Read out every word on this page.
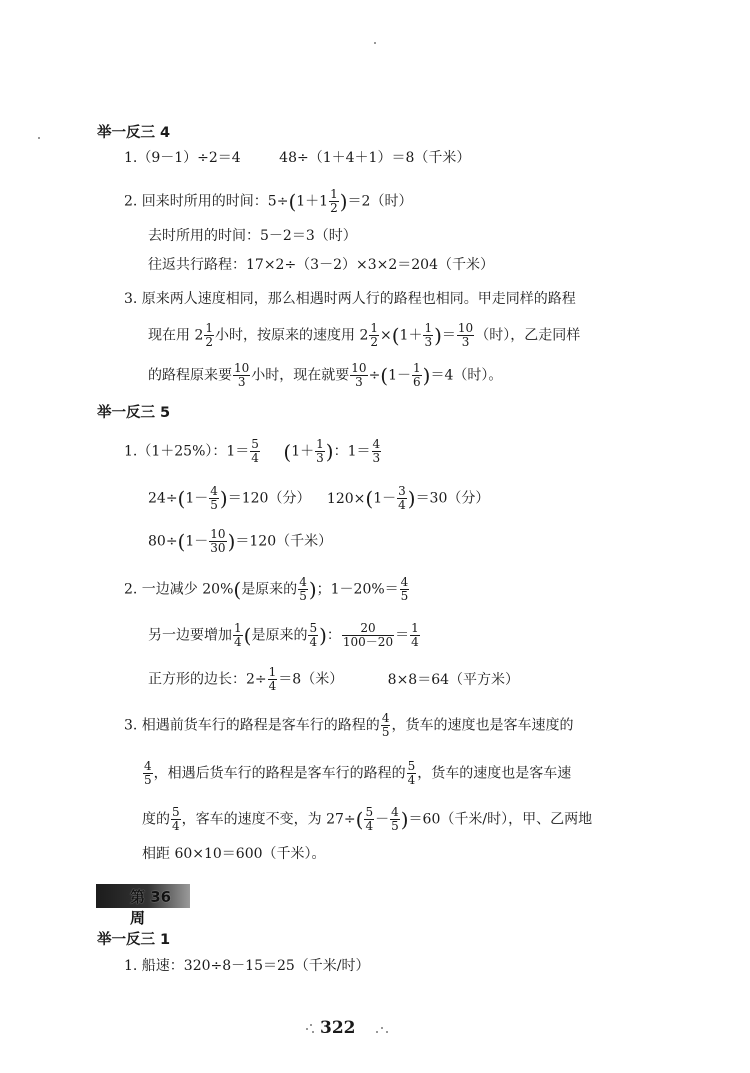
举一反三 4
1.（9－1）÷2＝4	48÷（1＋4＋1）＝8（千米）
2. 回来时所用的时间：$5\div(1+1 \frac{1}{2} )=2$（时）
去时所用的时间：5－2＝3（时）
往返共行路程：17×2÷（3－2）×3×2＝204（千米）
3. 原来两人速度相同，那么相遇时两人行的路程也相同。甲走同样的路程
现在用 $2 \frac{1}{2}$ 小时，按原来的速度用 $2 \frac{1}{2} \times(1+ \frac{1}{3}$ )＝ $\frac{10}{3}$ （时），乙走同样
的路程原来要 $\frac{10}{3}$ 小时，现在就要 $\frac{10}{3} \div(1- \frac{1}{6} )=4$（时）。
举一反三 5
1.（1＋25%）：$1= \frac{5}{4} (1+ \frac{1}{3}$ )：$1= \frac{4}{3}$
$24\div(1- \frac{4}{5} )=120$（分） $120\times(1- \frac{3}{4} )=30$（分）
$80\div(1- \frac{10}{30} )=120$（千米）
2. 一边减少 20%(是原来的 $\frac{4}{5}$ )；$1-20\%= \frac{4}{5}$
另一边要增加 $\frac{1}{4}$ (是原来的 $\frac{5}{4}$ )： $\frac{20}{100-20} = \frac{1}{4}$
正方形的边长：$2\div \frac{1}{4} =8$（米）	8×8＝64（平方米）
3. 相遇前货车行的路程是客车行的路程的 $\frac{4}{5}$ ，货车的速度也是客车速度的
$\frac{4}{5}$ ，相遇后货车行的路程是客车行的路程的 $\frac{5}{4}$ ，货车的速度也是客车速
度的 $\frac{5}{4}$ ，客车的速度不变，为 $27\div( \frac{5}{4} - \frac{4}{5} )=60$（千米/时），甲、乙两地
相距 60×10＝600（千米）。
第 36 周
举一反三 1
1. 船速：320÷8－15＝25（千米/时）
322
